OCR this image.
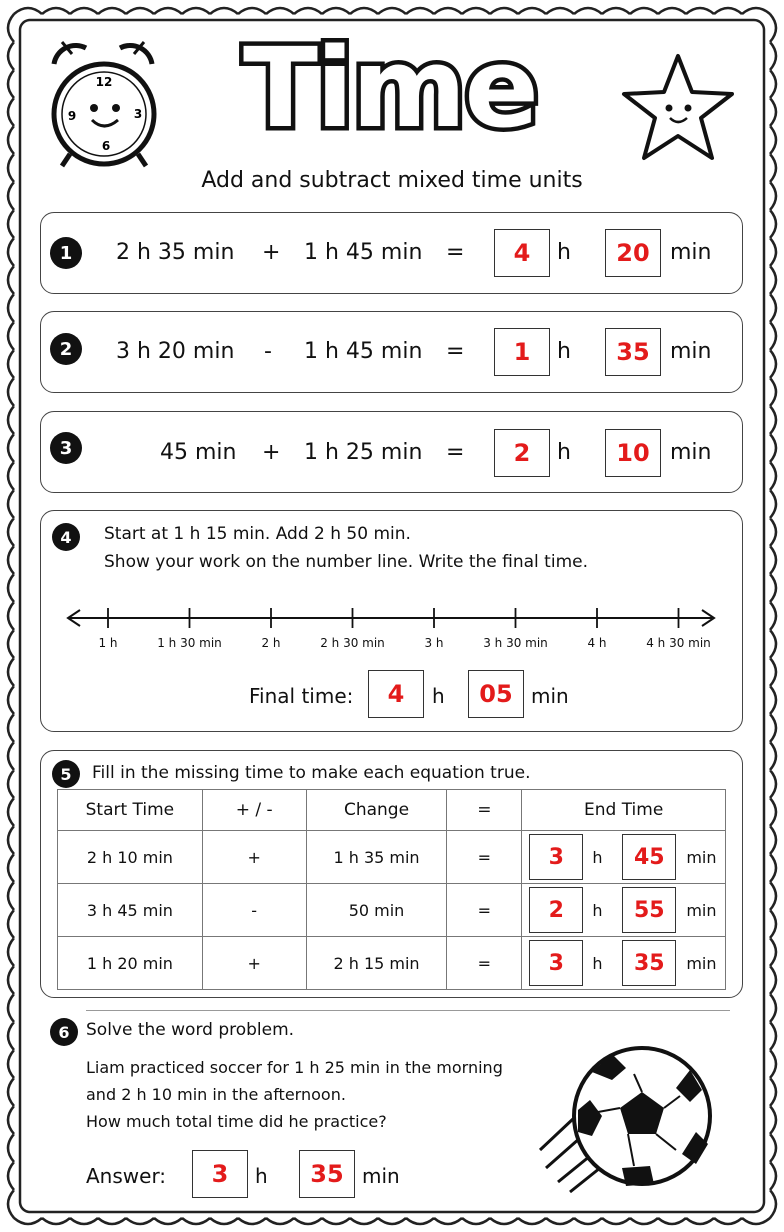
12
3
6
9 Time
Add and subtract mixed time units
1	2 h 35 min + 1 h 45 min =	4	h	20 min
2	3 h 20 min - 1 h 45 min =	1	h	35 min
3	45 min + 1 h 25 min =	2	h	10 min
4	Start at 1 h 15 min. Add 2 h 50 min.
Show your work on the number line. Write the final time.
1 h	1 h 30 min	2 h	2 h 30 min	3 h	3 h 30 min	4 h	4 h 30 min
Final time:	4	h	05 min
5	Fill in the missing time to make each equation true.
Start Time	+ / -	Change	=	End Time
2 h 10 min	+	1 h 35 min	=	3 h 45 min

3 h 45 min	-	50 min	=	2 h 55 min

1 h 20 min	+	2 h 15 min	=	3 h 35 min
6 Solve the word problem.
Liam practiced soccer for 1 h 25 min in the morning
and 2 h 10 min in the afternoon.
How much total time did he practice?
Answer:	3	h	35 min
